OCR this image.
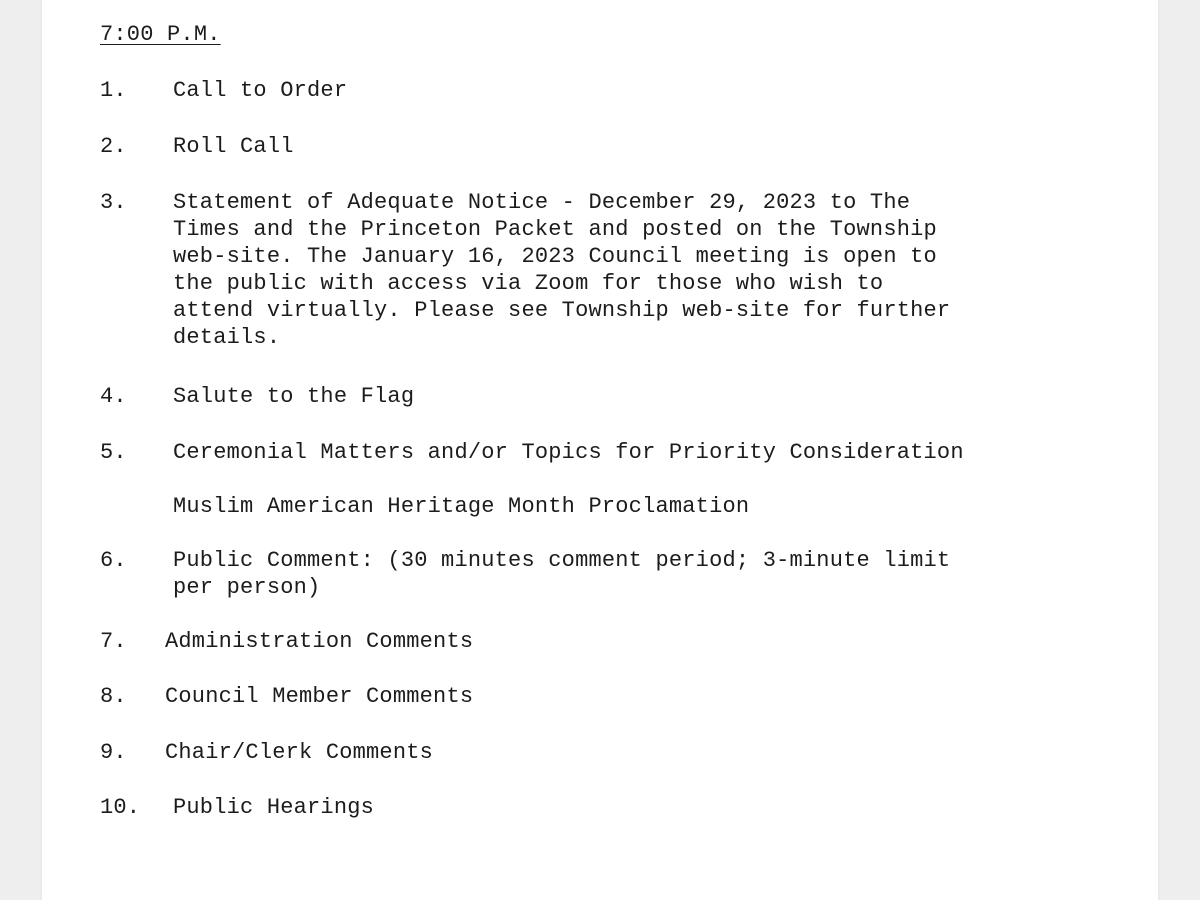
7:00 P.M.
1.	Call to Order
2.	Roll Call
3.	Statement of Adequate Notice - December 29, 2023 to The
Times and the Princeton Packet and posted on the Township
web-site. The January 16, 2023 Council meeting is open to
the public with access via Zoom for those who wish to
attend virtually. Please see Township web-site for further
details.
4.	Salute to the Flag
5.	Ceremonial Matters and/or Topics for Priority Consideration
Muslim American Heritage Month Proclamation
6.	Public Comment: (30 minutes comment period; 3-minute limit
per person)
7.	Administration Comments
8.	Council Member Comments
9.	Chair/Clerk Comments
10.	Public Hearings
